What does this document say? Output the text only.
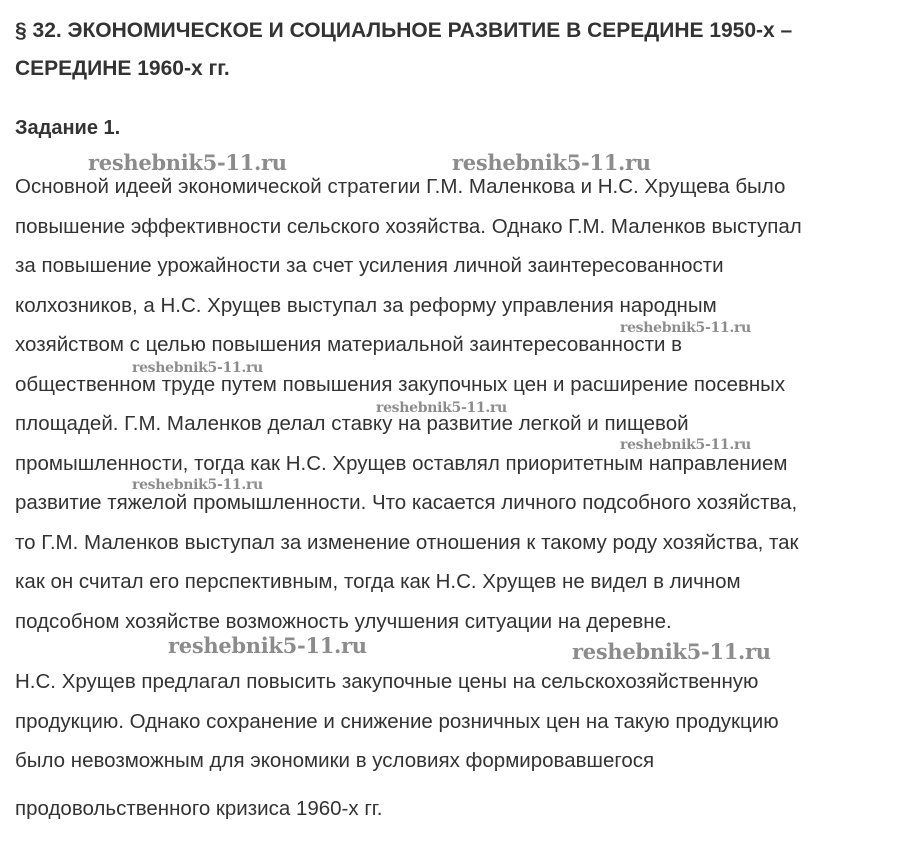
§ 32. ЭКОНОМИЧЕСКОЕ И СОЦИАЛЬНОЕ РАЗВИТИЕ В СЕРЕДИНЕ 1950-х – СЕРЕДИНЕ 1960-х гг.
Задание 1.

Основной идеей экономической стратегии Г.М. Маленкова и Н.С. Хрущева было
повышение эффективности сельского хозяйства. Однако Г.М. Маленков выступал
за повышение урожайности за счет усиления личной заинтересованности
колхозников, а Н.С. Хрущев выступал за реформу управления народным
хозяйством с целью повышения материальной заинтересованности в
общественном труде путем повышения закупочных цен и расширение посевных
площадей. Г.М. Маленков делал ставку на развитие легкой и пищевой
промышленности, тогда как Н.С. Хрущев оставлял приоритетным направлением
развитие тяжелой промышленности. Что касается личного подсобного хозяйства,
то Г.М. Маленков выступал за изменение отношения к такому роду хозяйства, так
как он считал его перспективным, тогда как Н.С. Хрущев не видел в личном
подсобном хозяйстве возможность улучшения ситуации на деревне.

Н.С. Хрущев предлагал повысить закупочные цены на сельскохозяйственную
продукцию. Однако сохранение и снижение розничных цен на такую продукцию
было невозможным для экономики в условиях формировавшегося
продовольственного кризиса 1960-х гг.

reshebnik5-11.ru	reshebnik5-11.ru
reshebnik5-11.ru
reshebnik5-11.ru
reshebnik5-11.ru
reshebnik5-11.ru
reshebnik5-11.ru
reshebnik5-11.ru	reshebnik5-11.ru
